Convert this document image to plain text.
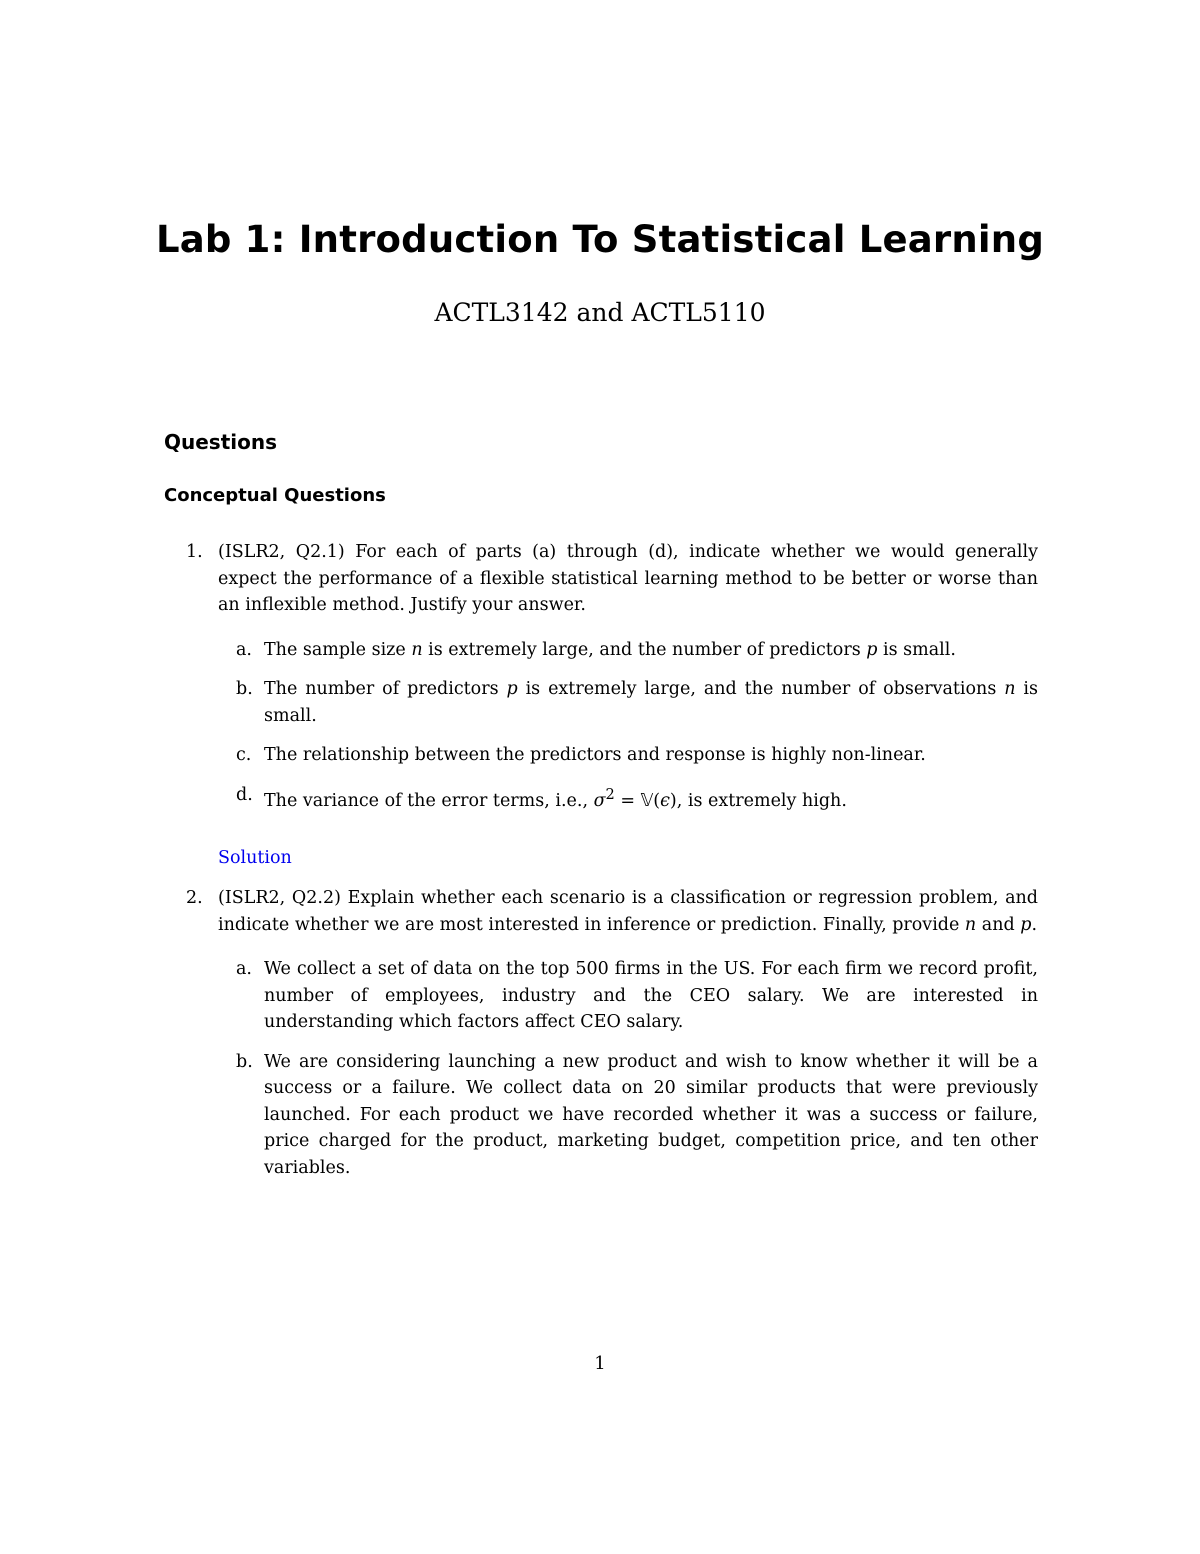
Lab 1: Introduction To Statistical Learning
ACTL3142 and ACTL5110
Questions
Conceptual Questions
1. (ISLR2, Q2.1) For each of parts (a) through (d), indicate whether we would generally expect the performance of a flexible statistical learning method to be better or worse than an inflexible method. Justify your answer.

a. The sample size n is extremely large, and the number of predictors p is small.

b. The number of predictors p is extremely large, and the number of observations n is small.

c. The relationship between the predictors and response is highly non-linear.

d. The variance of the error terms, i.e., $\sigma^2$ = 𝕍(ϵ), is extremely high.

Solution
2. (ISLR2, Q2.2) Explain whether each scenario is a classification or regression problem, and indicate whether we are most interested in inference or prediction. Finally, provide n and p.

a. We collect a set of data on the top 500 firms in the US. For each firm we record profit, number of employees, industry and the CEO salary. We are interested in understanding which factors affect CEO salary.

b. We are considering launching a new product and wish to know whether it will be a success or a failure. We collect data on 20 similar products that were previously launched. For each product we have recorded whether it was a success or failure, price charged for the product, marketing budget, competition price, and ten other variables.

1
